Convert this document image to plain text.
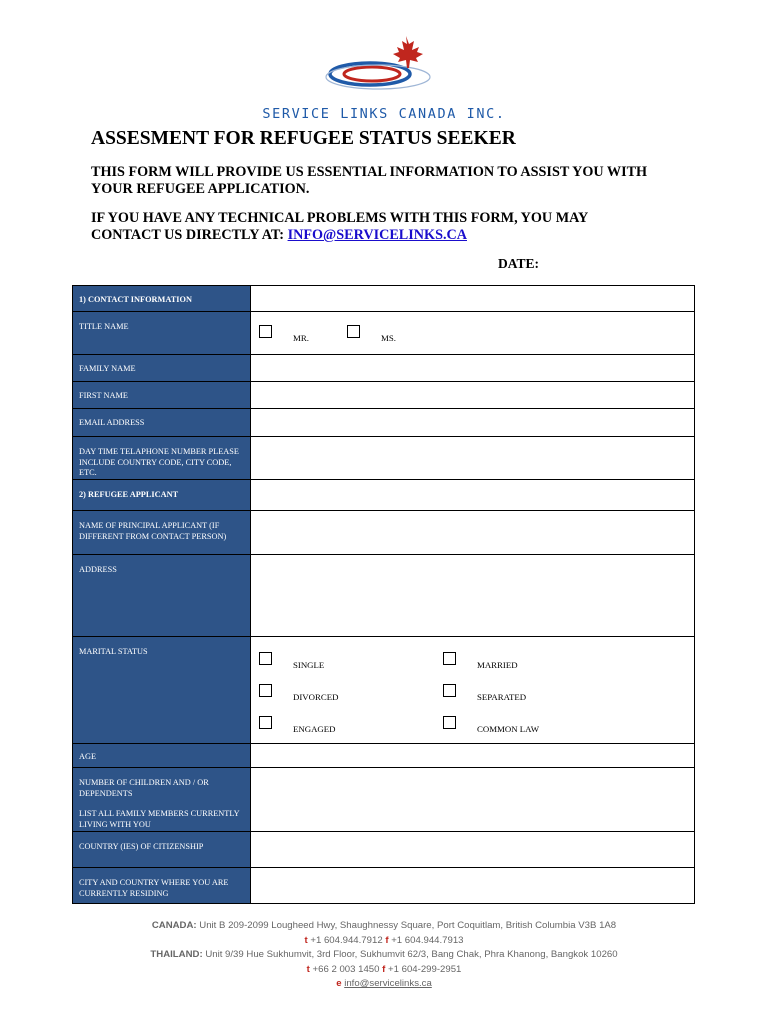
SERVICE LINKS CANADA INC.
ASSESMENT FOR REFUGEE STATUS SEEKER
THIS FORM WILL PROVIDE US ESSENTIAL INFORMATION TO ASSIST YOU WITH
YOUR REFUGEE APPLICATION.
IF YOU HAVE ANY TECHNICAL PROBLEMS WITH THIS FORM, YOU MAY
CONTACT US DIRECTLY AT: INFO@SERVICELINKS.CA
DATE:
1) CONTACT INFORMATION
TITLE NAME
MR.	MS.
FAMILY NAME
FIRST NAME
EMAIL ADDRESS
DAY TIME TELAPHONE NUMBER PLEASE INCLUDE COUNTRY CODE, CITY CODE, ETC.
2) REFUGEE APPLICANT
NAME OF PRINCIPAL APPLICANT (IF DIFFERENT FROM CONTACT PERSON)
ADDRESS
MARITAL STATUS
SINGLE	MARRIED
DIVORCED	SEPARATED
ENGAGED	COMMON LAW
AGE
NUMBER OF CHILDREN AND / OR DEPENDENTS
LIST ALL FAMILY MEMBERS CURRENTLY LIVING WITH YOU
COUNTRY (IES) OF CITIZENSHIP
CITY AND COUNTRY WHERE YOU ARE CURRENTLY RESIDING
CANADA: Unit B 209-2099 Lougheed Hwy, Shaughnessy Square, Port Coquitlam, British Columbia V3B 1A8
t +1 604.944.7912 f +1 604.944.7913
THAILAND: Unit 9/39 Hue Sukhumvit, 3rd Floor, Sukhumvit 62/3, Bang Chak, Phra Khanong, Bangkok 10260
t +66 2 003 1450 f +1 604-299-2951
e info@servicelinks.ca
